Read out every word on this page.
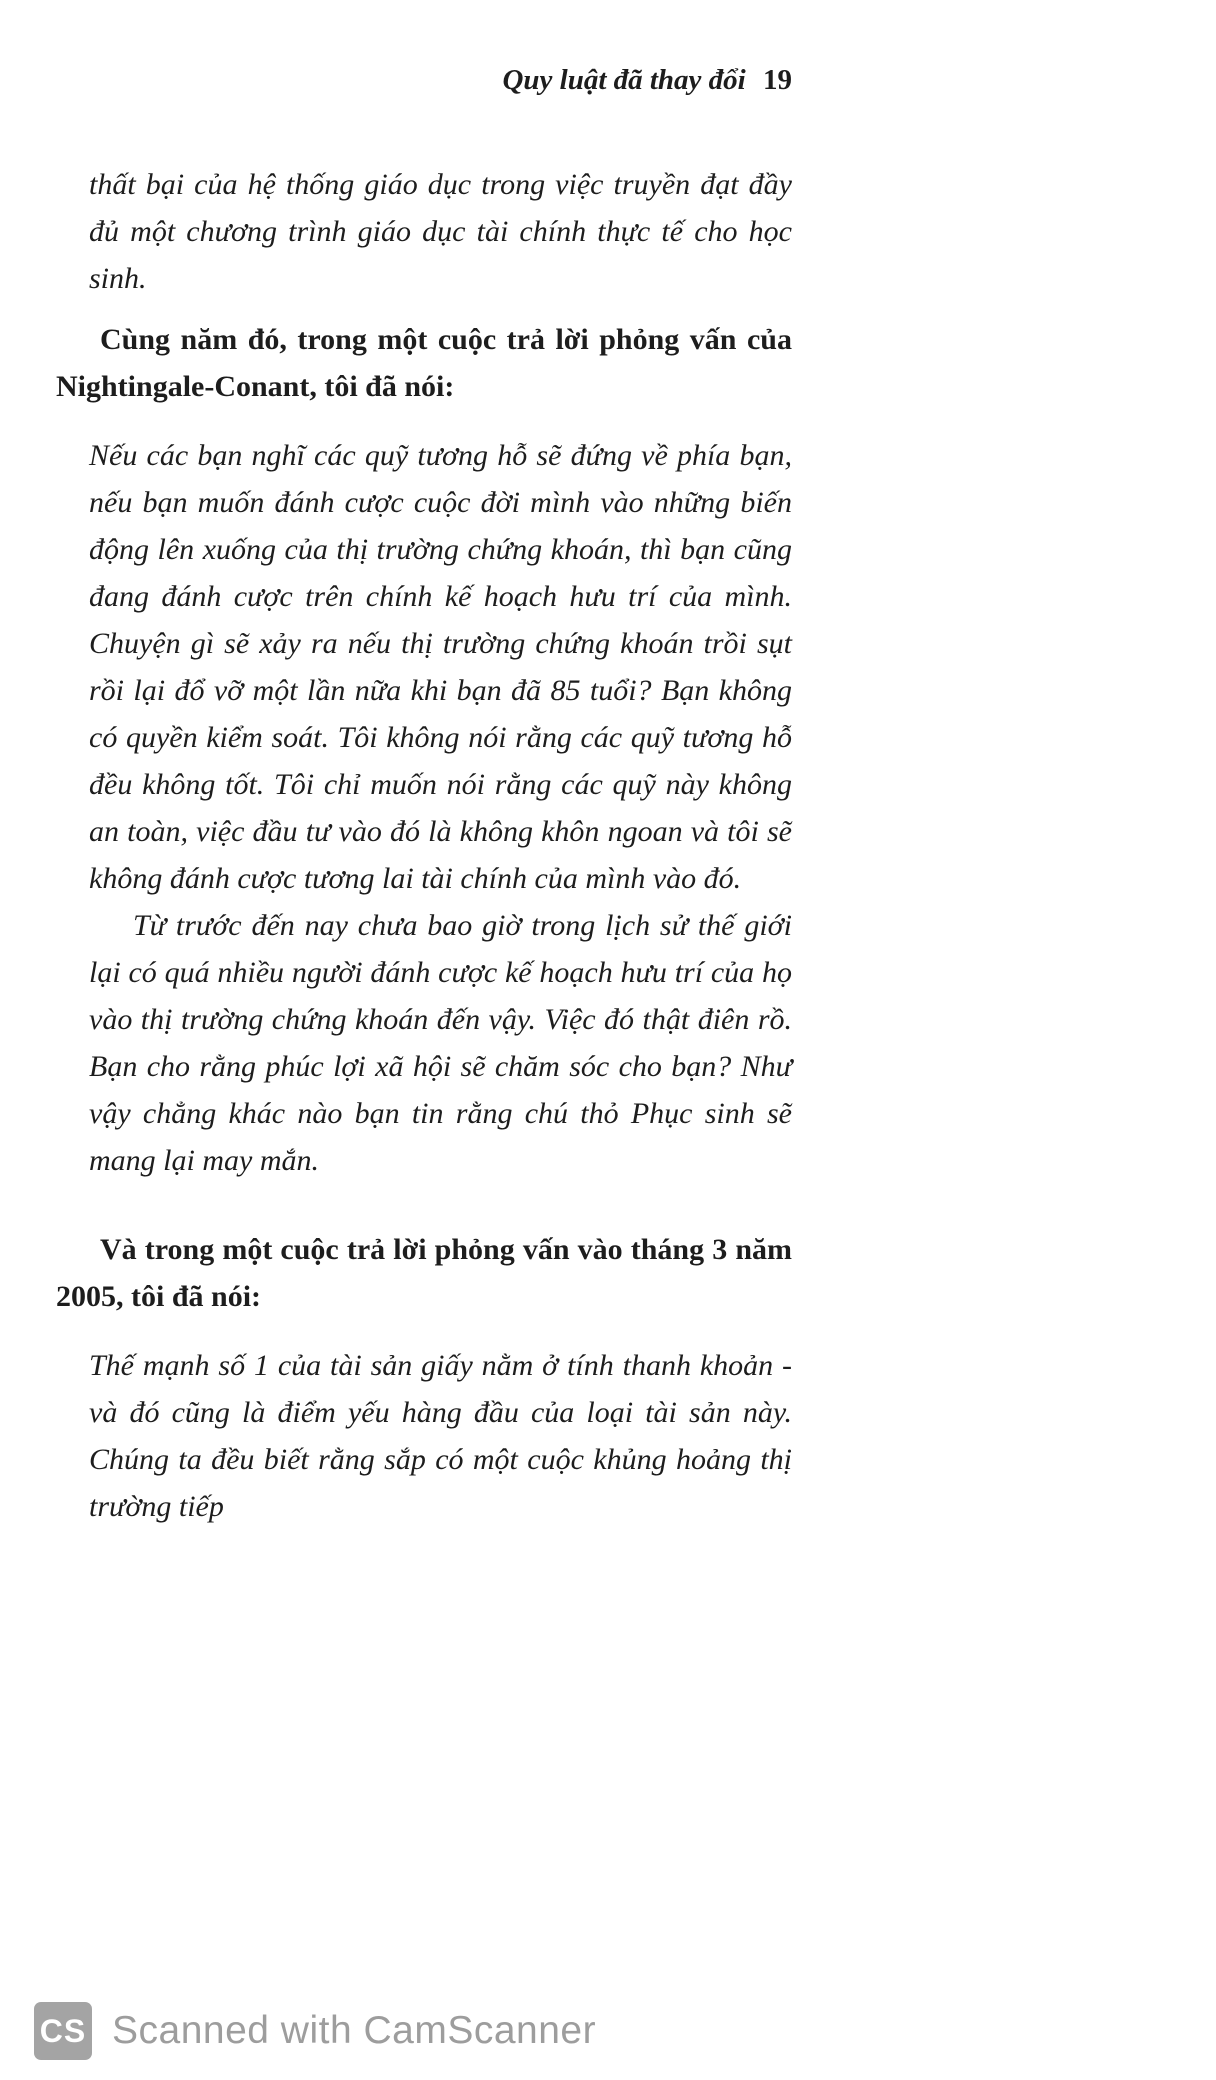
Quy luật đã thay đổi 19

thất bại của hệ thống giáo dục trong việc truyền đạt đầy đủ một chương trình giáo dục tài chính thực tế cho học sinh.

Cùng năm đó, trong một cuộc trả lời phỏng vấn của Nightingale-Conant, tôi đã nói:

Nếu các bạn nghĩ các quỹ tương hỗ sẽ đứng về phía bạn, nếu bạn muốn đánh cược cuộc đời mình vào những biến động lên xuống của thị trường chứng khoán, thì bạn cũng đang đánh cược trên chính kế hoạch hưu trí của mình. Chuyện gì sẽ xảy ra nếu thị trường chứng khoán trồi sụt rồi lại đổ vỡ một lần nữa khi bạn đã 85 tuổi? Bạn không có quyền kiểm soát. Tôi không nói rằng các quỹ tương hỗ đều không tốt. Tôi chỉ muốn nói rằng các quỹ này không an toàn, việc đầu tư vào đó là không khôn ngoan và tôi sẽ không đánh cược tương lai tài chính của mình vào đó.

Từ trước đến nay chưa bao giờ trong lịch sử thế giới lại có quá nhiều người đánh cược kế hoạch hưu trí của họ vào thị trường chứng khoán đến vậy. Việc đó thật điên rồ. Bạn cho rằng phúc lợi xã hội sẽ chăm sóc cho bạn? Như vậy chẳng khác nào bạn tin rằng chú thỏ Phục sinh sẽ mang lại may mắn.

Và trong một cuộc trả lời phỏng vấn vào tháng 3 năm 2005, tôi đã nói:

Thế mạnh số 1 của tài sản giấy nằm ở tính thanh khoản - và đó cũng là điểm yếu hàng đầu của loại tài sản này. Chúng ta đều biết rằng sắp có một cuộc khủng hoảng thị trường tiếp

CS Scanned with CamScanner
